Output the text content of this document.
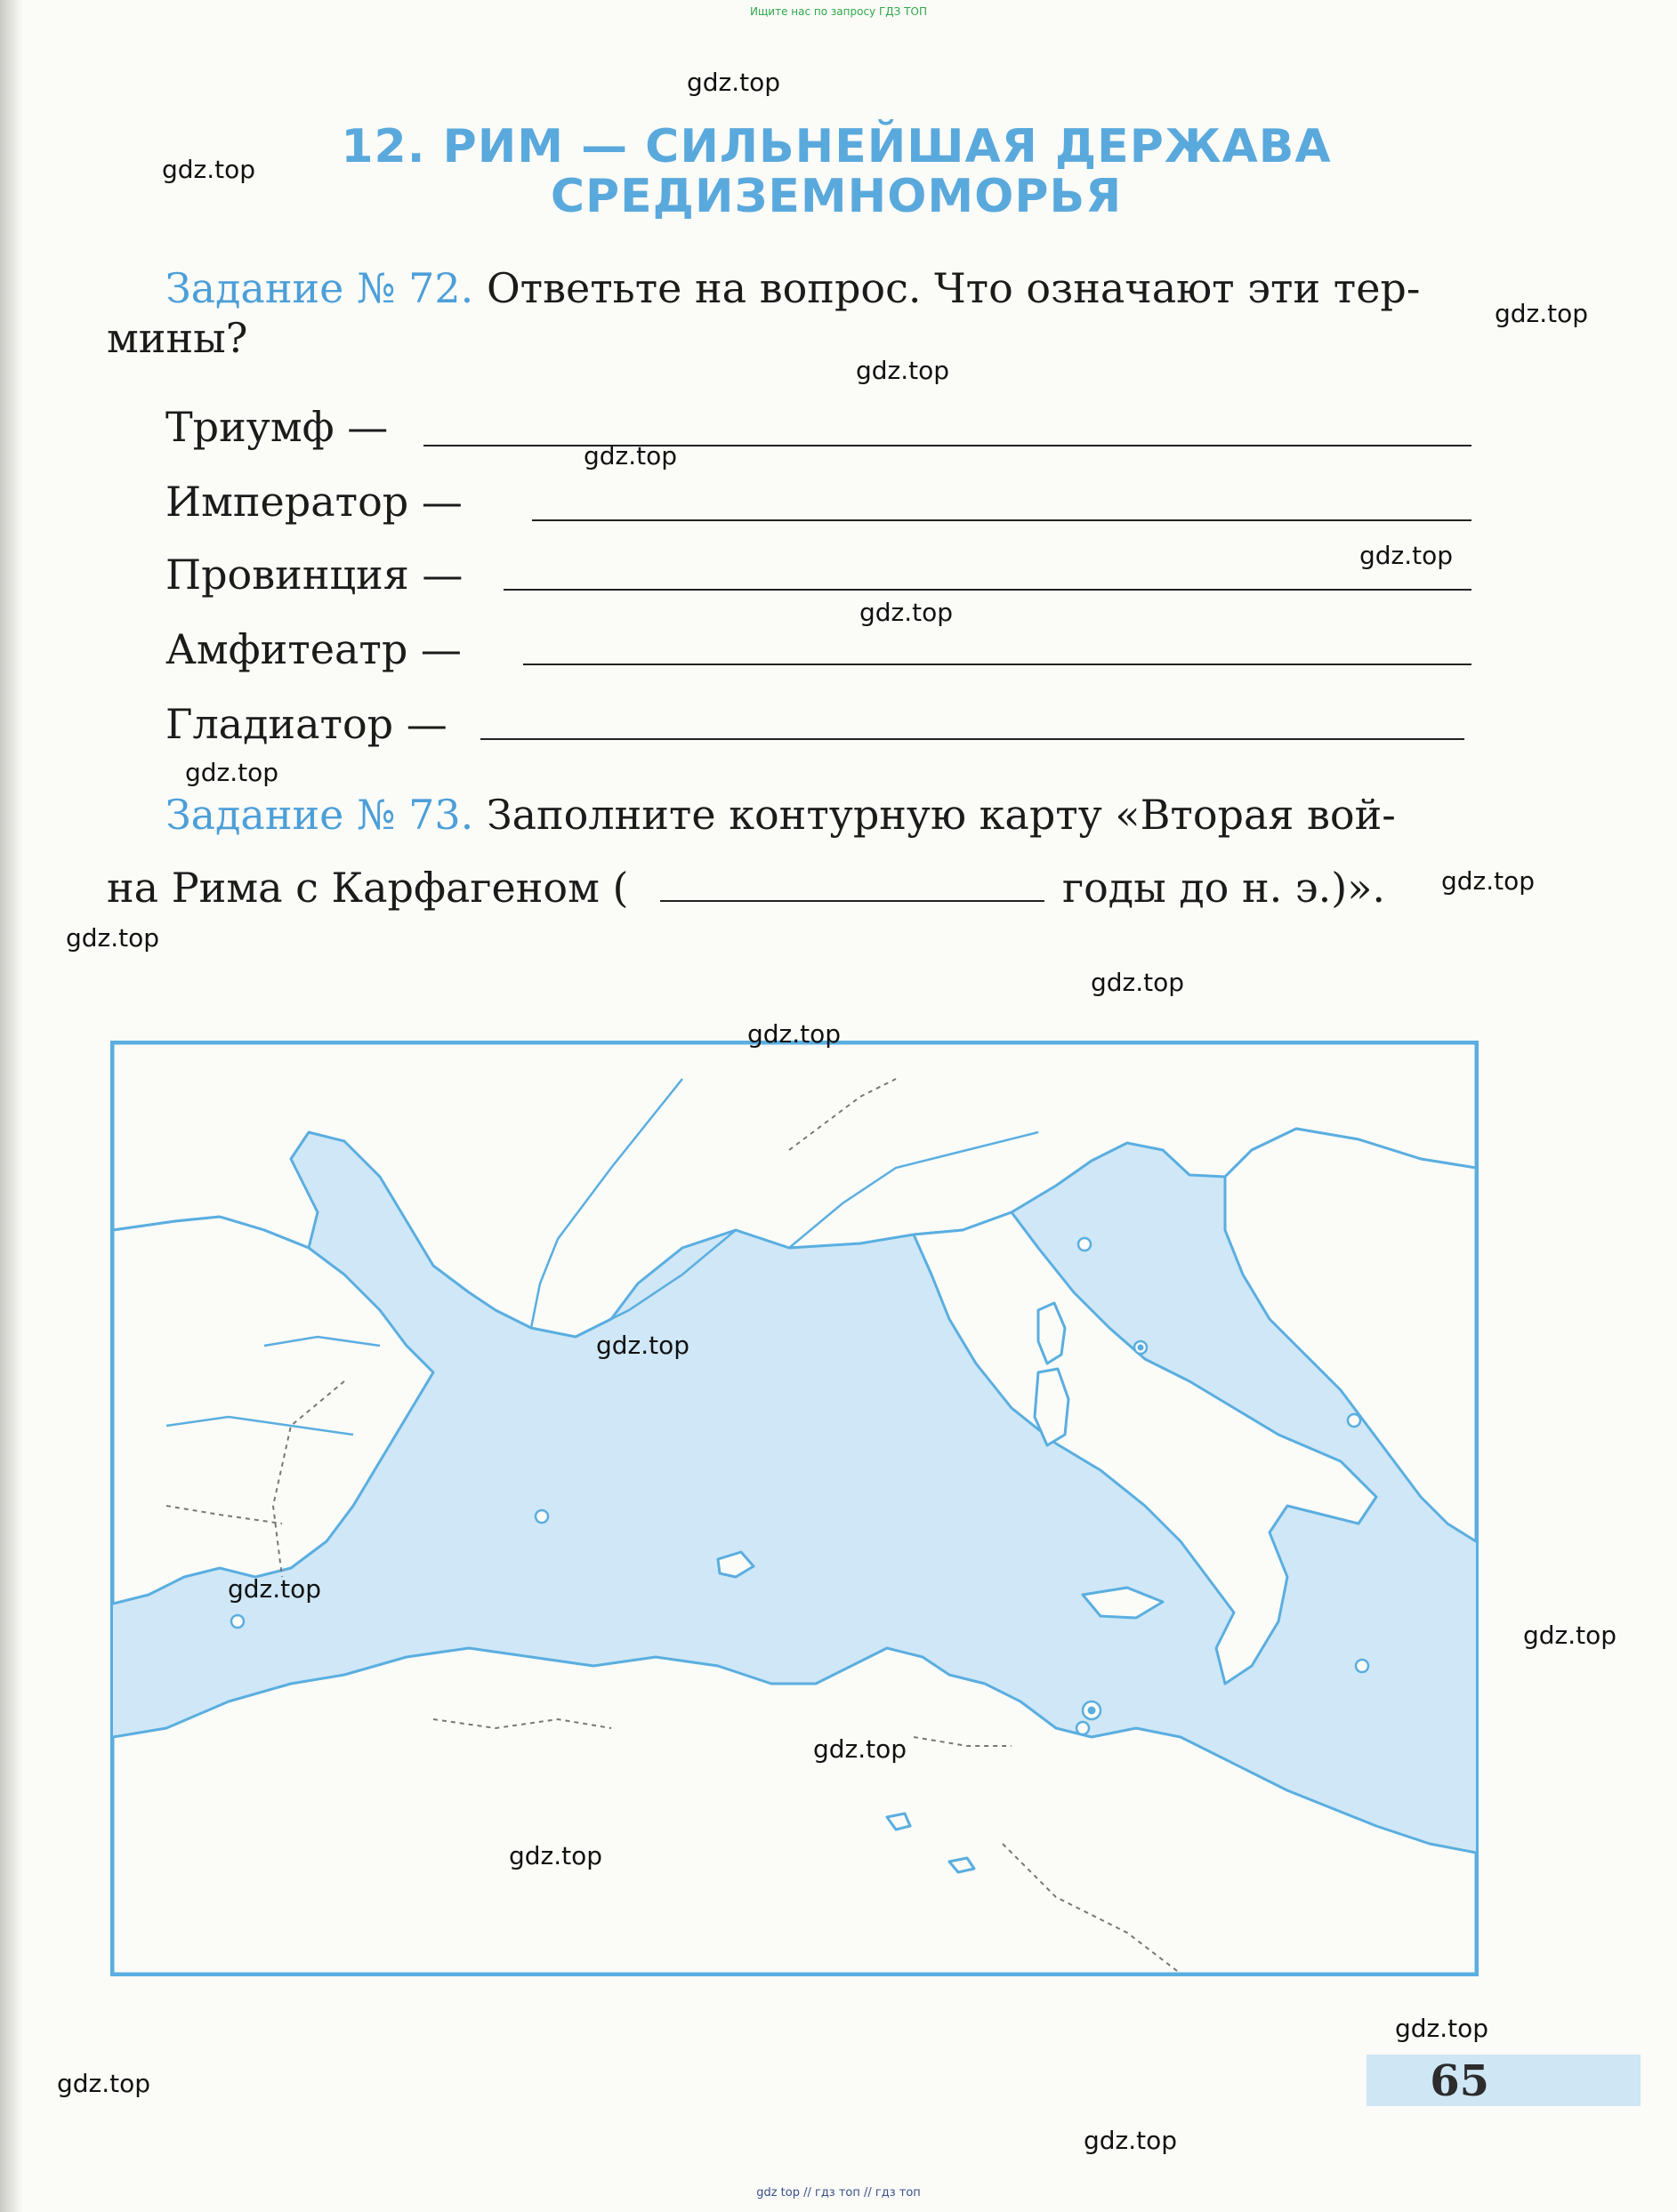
Ищите нас по запросу ГДЗ ТОП
12. РИМ — СИЛЬНЕЙШАЯ ДЕРЖАВА
СРЕДИЗЕМНОМОРЬЯ
Задание № 72. Ответьте на вопрос. Что означают эти тер-
мины?
Триумф —
Император —
Провинция —
Амфитеатр —
Гладиатор —
Задание № 73. Заполните контурную карту «Вторая вой-
на Рима с Карфагеном (	годы до н. э.)».
gdz.top
gdz.top
gdz.top
gdz.top
gdz.top
gdz.top
gdz.top
gdz.top
gdz.top
gdz.top
gdz.top
gdz.top
gdz.top
gdz.top
gdz.top
gdz.top
gdz.top
gdz.top
gdz.top
gdz.top
65
gdz top // гдз топ // гдз топ
